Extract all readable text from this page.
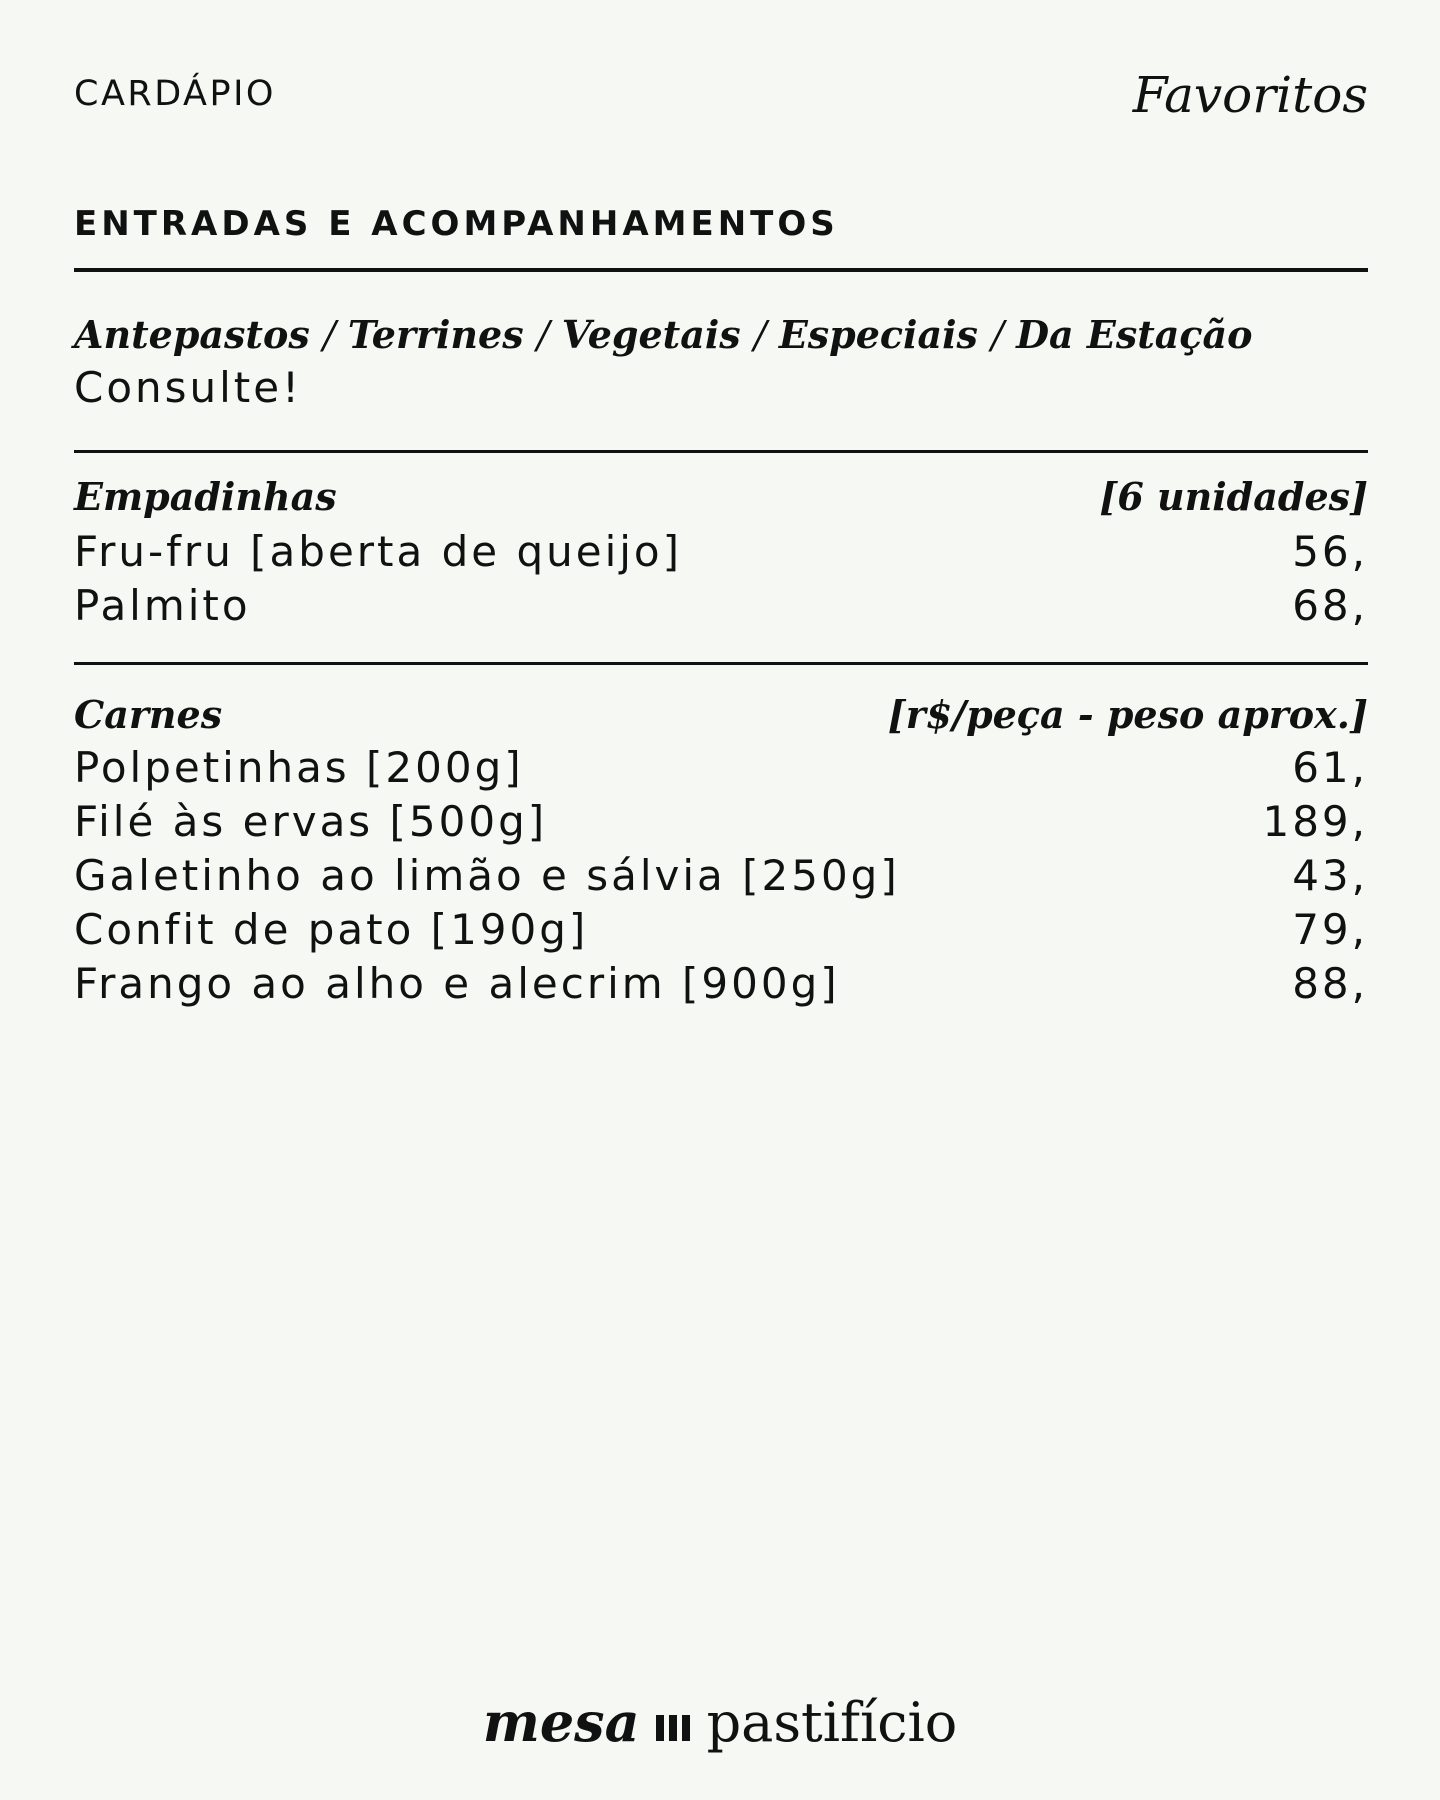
CARDÁPIO	Favoritos
ENTRADAS E ACOMPANHAMENTOS
Antepastos / Terrines / Vegetais / Especiais / Da Estação
Consulte!
Empadinhas	[6 unidades]
Fru-fru [aberta de queijo]	56,
Palmito	68,
Carnes	[r$/peça - peso aprox.]
Polpetinhas [200g]	61,
Filé às ervas [500g]	189,
Galetinho ao limão e sálvia [250g]	43,
Confit de pato [190g]	79,
Frango ao alho e alecrim [900g]	88,
mesa pastifício
